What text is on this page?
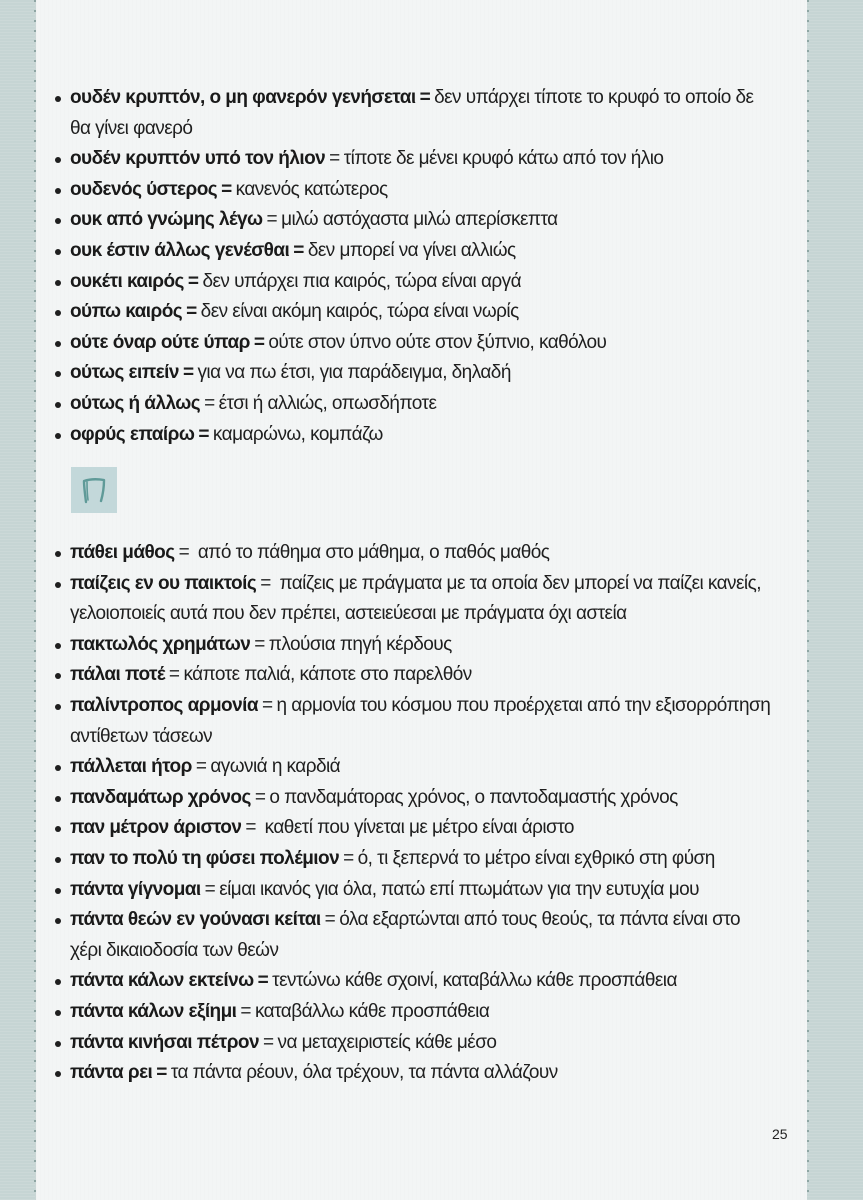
ουδέν κρυπτόν, ο μη φανερόν γενήσεται = δεν υπάρχει τίποτε το κρυφό το οποίο δε θα γίνει φανερό
ουδέν κρυπτόν υπό τον ήλιον = τίποτε δε μένει κρυφό κάτω από τον ήλιο
ουδενός ύστερος = κανενός κατώτερος
ουκ από γνώμης λέγω = μιλώ αστόχαστα μιλώ απερίσκεπτα
ουκ έστιν άλλως γενέσθαι = δεν μπορεί να γίνει αλλιώς
ουκέτι καιρός = δεν υπάρχει πια καιρός, τώρα είναι αργά
ούπω καιρός = δεν είναι ακόμη καιρός, τώρα είναι νωρίς
ούτε όναρ ούτε ύπαρ = ούτε στον ύπνο ούτε στον ξύπνιο, καθόλου
ούτως ειπείν = για να πω έτσι, για παράδειγμα, δηλαδή
ούτως ή άλλως = έτσι ή αλλιώς, οπωσδήποτε
οφρύς επαίρω = καμαρώνω, κομπάζω
πάθει μάθος = από το πάθημα στο μάθημα, ο παθός μαθός
παίζεις εν ου παικτοίς = παίζεις με πράγματα με τα οποία δεν μπορεί να παίζει κανείς, γελοιοποιείς αυτά που δεν πρέπει, αστειεύεσαι με πράγματα όχι αστεία
πακτωλός χρημάτων = πλούσια πηγή κέρδους
πάλαι ποτέ = κάποτε παλιά, κάποτε στο παρελθόν
παλίντροπος αρμονία = η αρμονία του κόσμου που προέρχεται από την εξισορρόπηση αντίθετων τάσεων
πάλλεται ήτορ = αγωνιά η καρδιά
πανδαμάτωρ χρόνος = ο πανδαμάτορας χρόνος, ο παντοδαμαστής χρόνος
παν μέτρον άριστον = καθετί που γίνεται με μέτρο είναι άριστο
παν το πολύ τη φύσει πολέμιον = ό, τι ξεπερνά το μέτρο είναι εχθρικό στη φύση
πάντα γίγνομαι = είμαι ικανός για όλα, πατώ επί πτωμάτων για την ευτυχία μου
πάντα θεών εν γούνασι κείται = όλα εξαρτώνται από τους θεούς, τα πάντα είναι στο χέρι δικαιοδοσία των θεών
πάντα κάλων εκτείνω = τεντώνω κάθε σχοινί, καταβάλλω κάθε προσπάθεια
πάντα κάλων εξίημι = καταβάλλω κάθε προσπάθεια
πάντα κινήσαι πέτρον = να μεταχειριστείς κάθε μέσο
πάντα ρει = τα πάντα ρέουν, όλα τρέχουν, τα πάντα αλλάζουν
25
